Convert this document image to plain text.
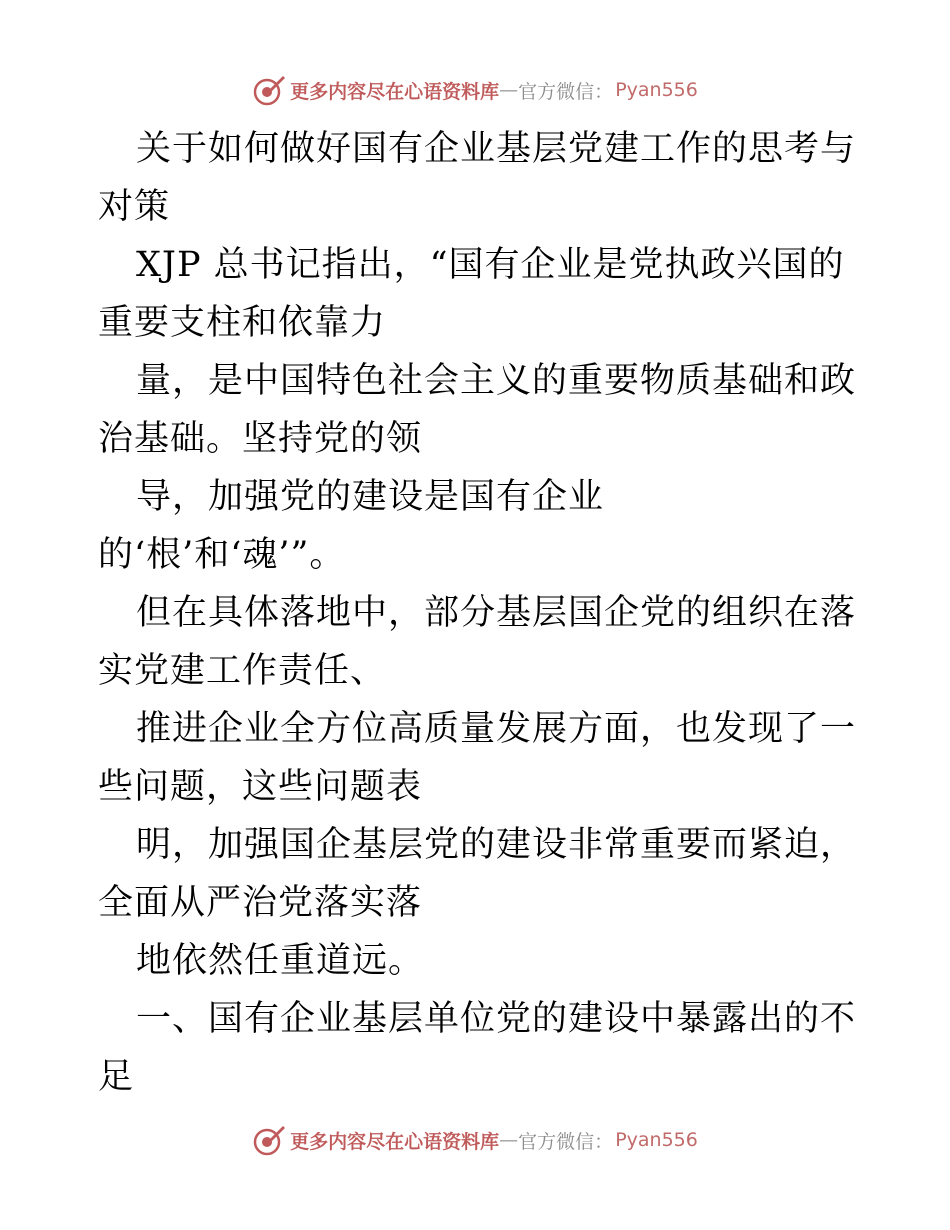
更多内容尽在心语资料库 — 官方微信： Pyan556

关于如何做好国有企业基层党建工作的思考与对策

XJP 总书记指出，“国有企业是党执政兴国的重要支柱和依靠力

量，是中国特色社会主义的重要物质基础和政治基础。坚持党的领

导，加强党的建设是国有企业

的‘根’和‘魂’”。

但在具体落地中，部分基层国企党的组织在落实党建工作责任、

推进企业全方位高质量发展方面，也发现了一些问题，这些问题表

明，加强国企基层党的建设非常重要而紧迫，全面从严治党落实落

地依然任重道远。

一、国有企业基层单位党的建设中暴露出的不足

更多内容尽在心语资料库 — 官方微信： Pyan556
